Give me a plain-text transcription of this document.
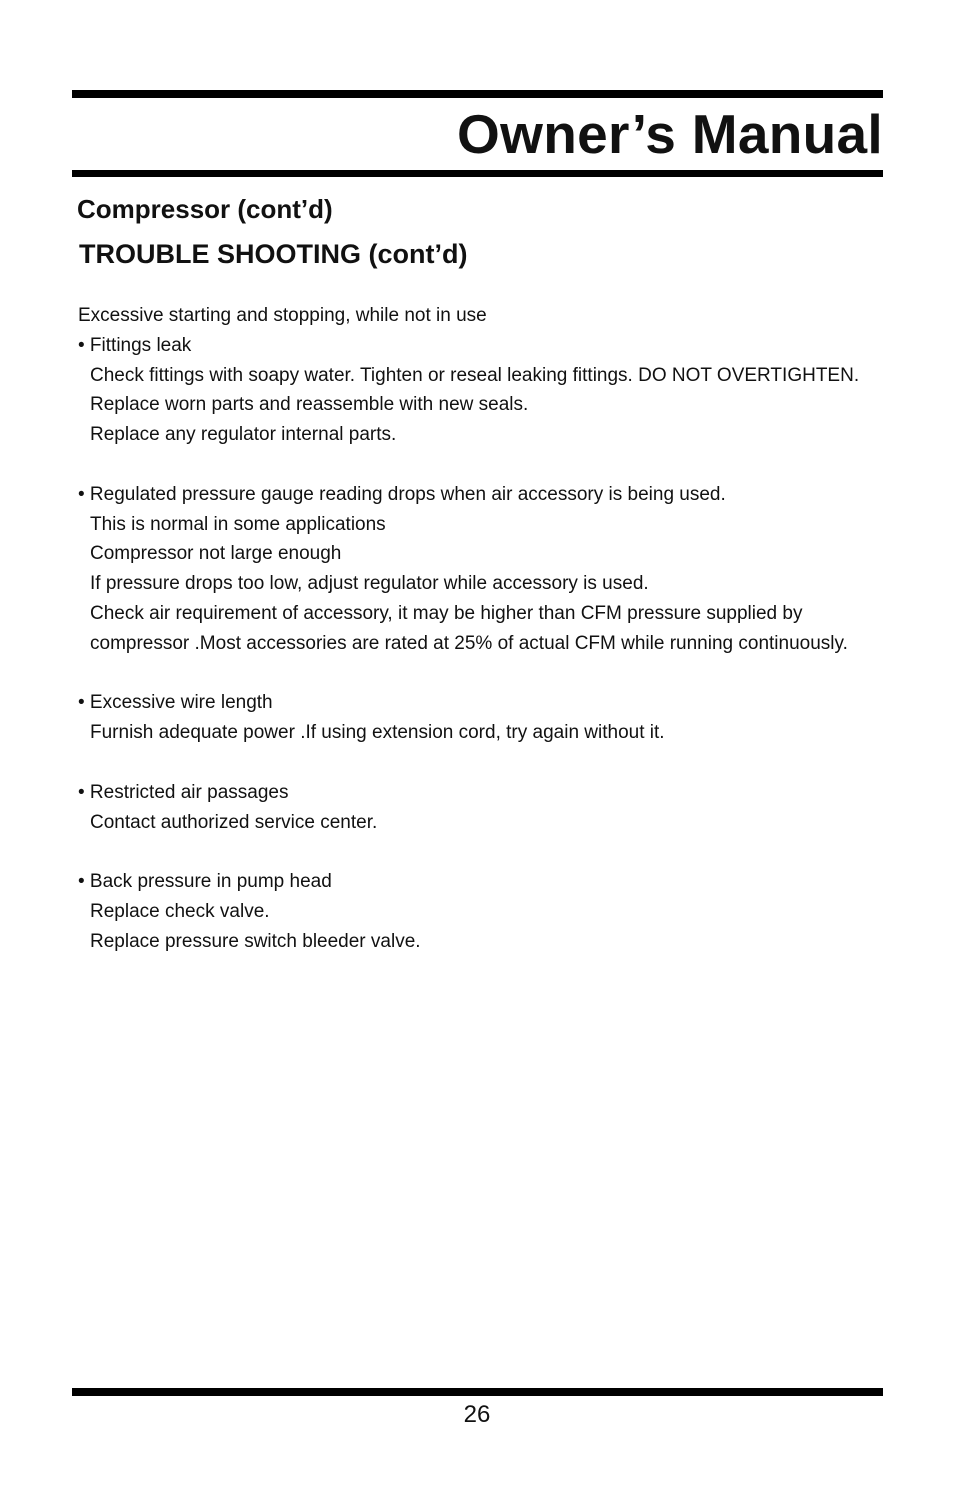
Owner’s Manual
Compressor (cont’d)
TROUBLE SHOOTING (cont’d)

Excessive starting and stopping, while not in use

• Fittings leak

Check fittings with soapy water. Tighten or reseal leaking fittings. DO NOT OVERTIGHTEN.

Replace worn parts and reassemble with new seals.

Replace any regulator internal parts.

• Regulated pressure gauge reading drops when air accessory is being used.

This is normal in some applications

Compressor not large enough

If pressure drops too low, adjust regulator while accessory is used.

Check air requirement of accessory, it may be higher than CFM pressure supplied by compressor .Most accessories are rated at 25% of actual CFM while running continuously.

• Excessive wire length

Furnish adequate power .If using extension cord, try again without it.

• Restricted air passages

Contact authorized service center.

• Back pressure in pump head

Replace check valve.

Replace pressure switch bleeder valve.

26
